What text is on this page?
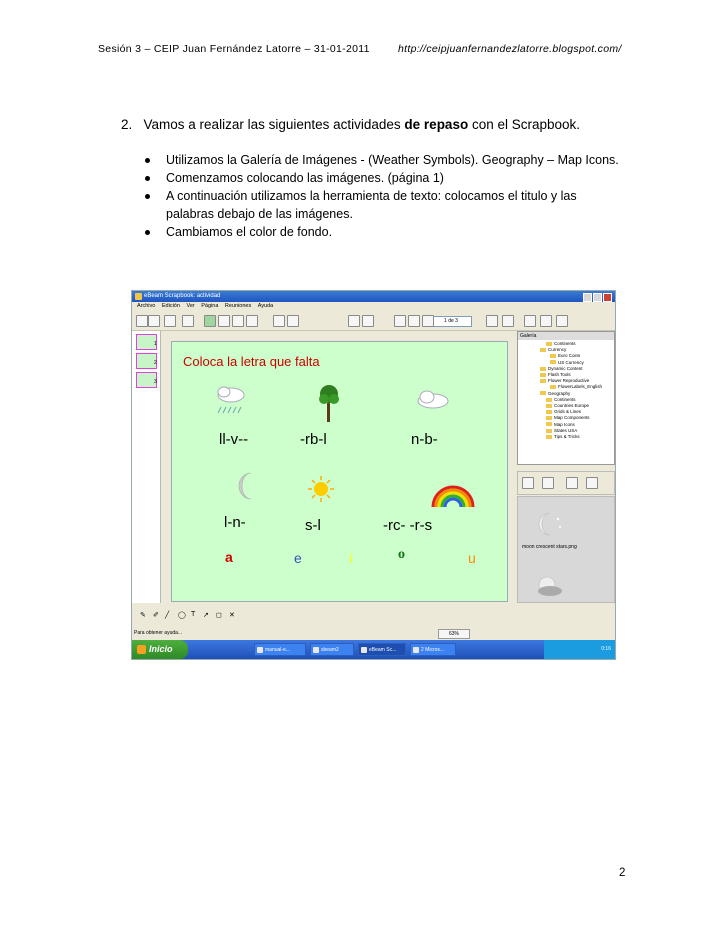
Sesión 3 – CEIP Juan Fernández Latorre – 31-01-2011	http://ceipjuanfernandezlatorre.blogspot.com/
2. Vamos a realizar las siguientes actividades de repaso con el Scrapbook.
Utilizamos la Galería de Imágenes - (Weather Symbols). Geography – Map Icons.
Comenzamos colocando las imágenes. (página 1)
A continuación utilizamos la herramienta de texto: colocamos el titulo y las palabras debajo de las imágenes.
Cambiamos el color de fondo.
eBeam Scrapbook: actividad
Archivo Edición Ver Página Reuniones Ayuda
1 de 3
1
2
3
Coloca la letra que falta
ll-v--	-rb-l	n-b-
l-n-	s-l	-rc- -r-s
a	e	i	o	u
Galería
Continents
Currency
Euro Coins
US Currency
Dynamic Content
Flash Tools
Flower Reproductive
FlowerLabels_English
Geography
Continents
Countries Europe
Grids & Lines
Map Components
Map Icons
States USA
Tips & Tricks
moon crescent stars.png
✎ ✐ ╱ ◯ T ↗ ◻ ✕
Para obtener ayuda...	63%
Inicio	manual-e...	sbeam2	eBeam Sc...	2 Micros...	0:16
2
